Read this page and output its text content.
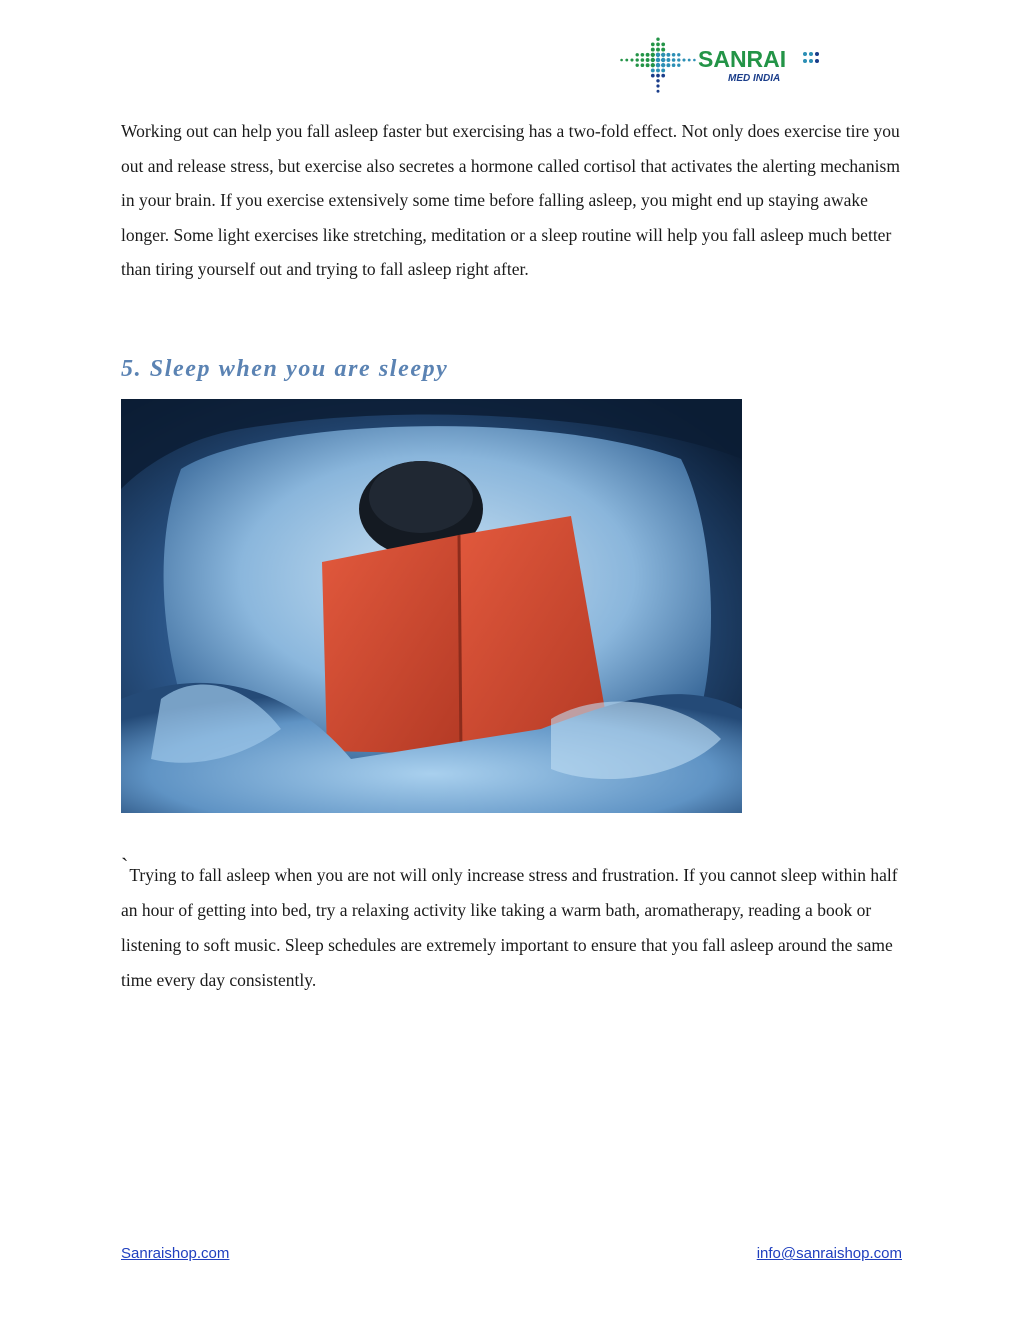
SANRAI
MED INDIA

Working out can help you fall asleep faster but exercising has a two-fold effect. Not only does exercise tire you out and release stress, but exercise also secretes a hormone called cortisol that activates the alerting mechanism in your brain. If you exercise extensively some time before falling asleep, you might end up staying awake longer. Some light exercises like stretching, meditation or a sleep routine will help you fall asleep much better than tiring yourself out and trying to fall asleep right after.

5. Sleep when you are sleepy

`Trying to fall asleep when you are not will only increase stress and frustration. If you cannot sleep within half an hour of getting into bed, try a relaxing activity like taking a warm bath, aromatherapy, reading a book or listening to soft music. Sleep schedules are extremely important to ensure that you fall asleep around the same time every day consistently.

Sanraishop.com	info@sanraishop.com
